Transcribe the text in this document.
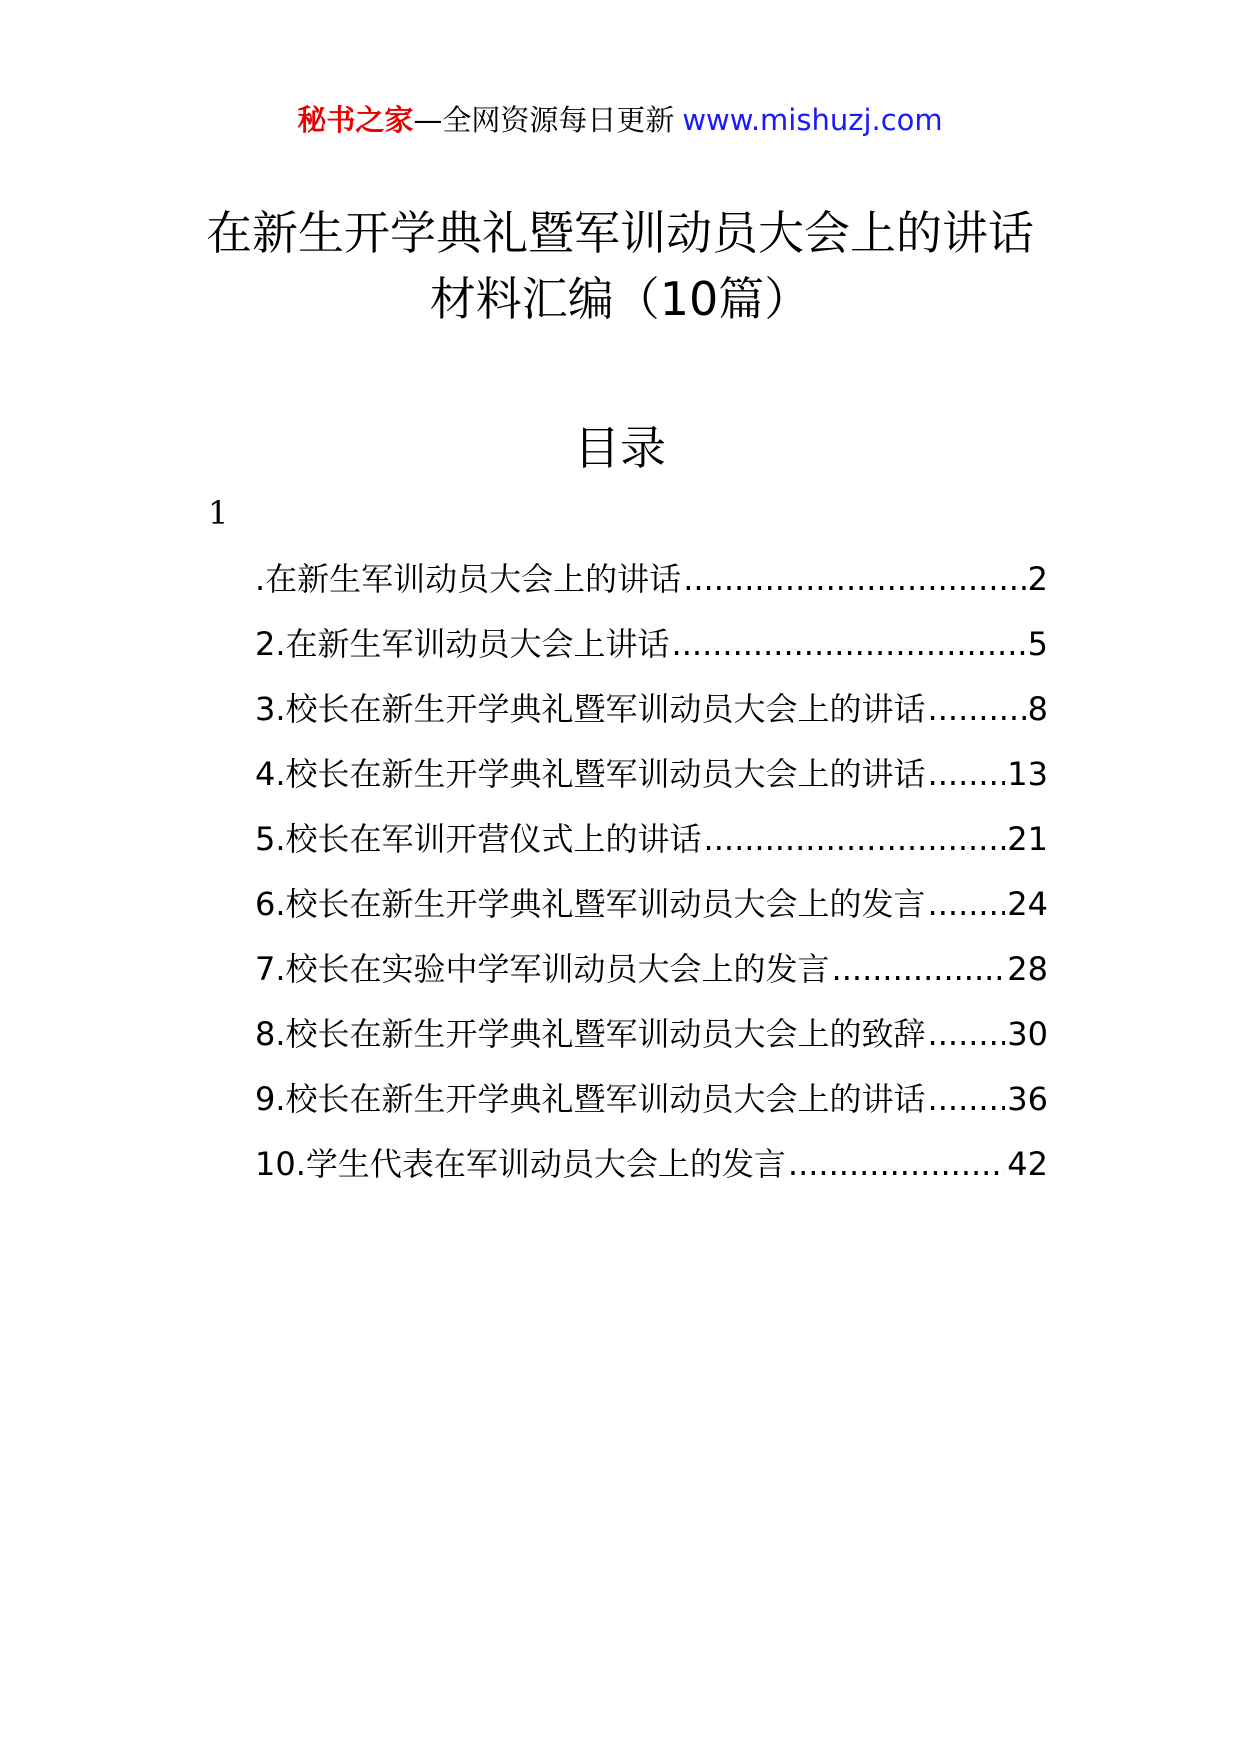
秘书之家—全网资源每日更新 www.mishuzj.com
在新生开学典礼暨军训动员大会上的讲话
材料汇编（10篇）
目录
1
.在新生军训动员大会上的讲话 .....	2
2.在新生军训动员大会上讲话 .....	5
3.校长在新生开学典礼暨军训动员大会上的讲话 .....	8
4.校长在新生开学典礼暨军训动员大会上的讲话 .....	13
5.校长在军训开营仪式上的讲话 .....	21
6.校长在新生开学典礼暨军训动员大会上的发言 .....	24
7.校长在实验中学军训动员大会上的发言 .....	28
8.校长在新生开学典礼暨军训动员大会上的致辞 .....	30
9.校长在新生开学典礼暨军训动员大会上的讲话 .....	36
10.学生代表在军训动员大会上的发言 .....	42
